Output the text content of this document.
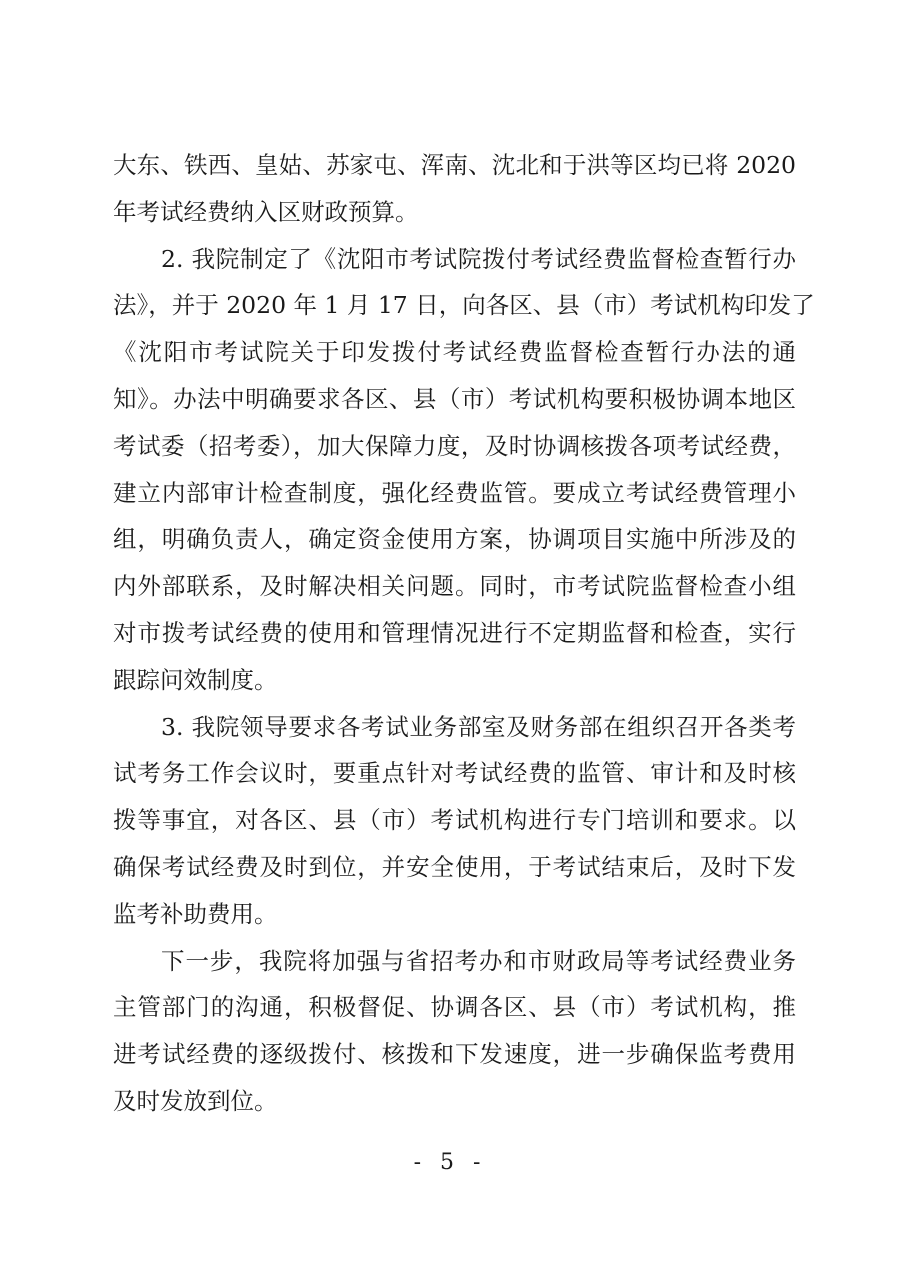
大东、铁西、皇姑、苏家屯、浑南、沈北和于洪等区均已将 2020
年考试经费纳入区财政预算。
2. 我院制定了《沈阳市考试院拨付考试经费监督检查暂行办
法》，并于 2020 年 1 月 17 日，向各区、县（市）考试机构印发了
《沈阳市考试院关于印发拨付考试经费监督检查暂行办法的通
知》。办法中明确要求各区、县（市）考试机构要积极协调本地区
考试委（招考委），加大保障力度，及时协调核拨各项考试经费，
建立内部审计检查制度，强化经费监管。要成立考试经费管理小
组，明确负责人，确定资金使用方案，协调项目实施中所涉及的
内外部联系，及时解决相关问题。同时，市考试院监督检查小组
对市拨考试经费的使用和管理情况进行不定期监督和检查，实行
跟踪问效制度。
3. 我院领导要求各考试业务部室及财务部在组织召开各类考
试考务工作会议时，要重点针对考试经费的监管、审计和及时核
拨等事宜，对各区、县（市）考试机构进行专门培训和要求。以
确保考试经费及时到位，并安全使用，于考试结束后，及时下发
监考补助费用。
下一步，我院将加强与省招考办和市财政局等考试经费业务
主管部门的沟通，积极督促、协调各区、县（市）考试机构，推
进考试经费的逐级拨付、核拨和下发速度，进一步确保监考费用
及时发放到位。
- 5 -
